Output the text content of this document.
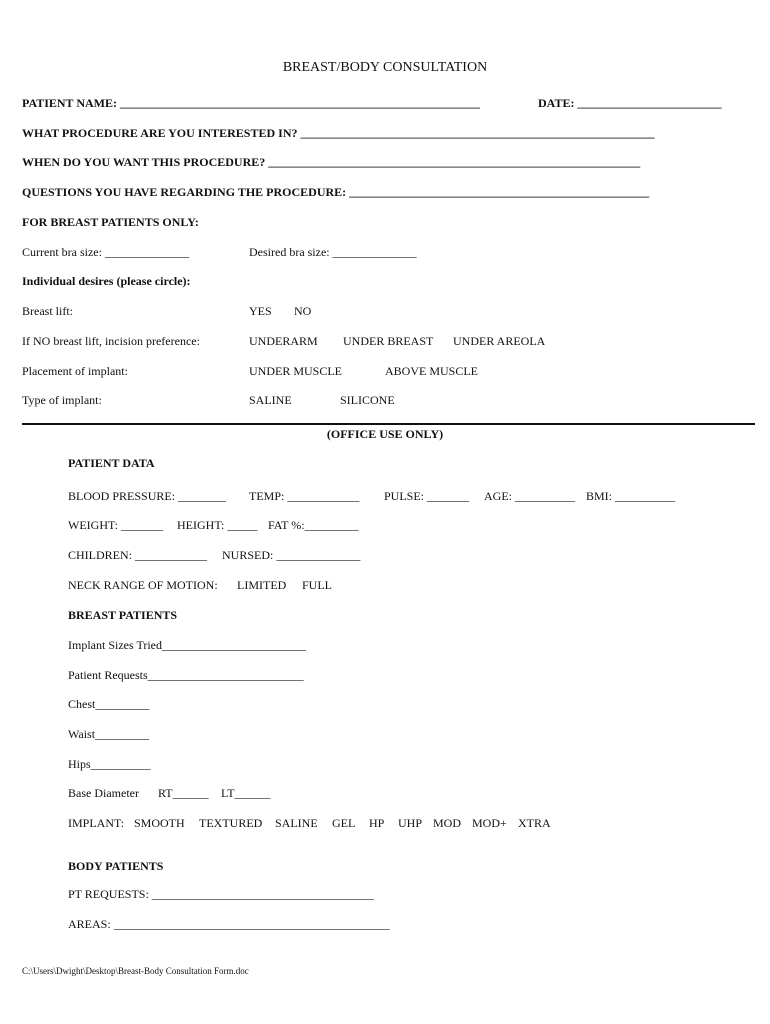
BREAST/BODY CONSULTATION
PATIENT NAME: ____________________________________________________________	DATE: ________________________
WHAT PROCEDURE ARE YOU INTERESTED IN? ___________________________________________________________
WHEN DO YOU WANT THIS PROCEDURE? ______________________________________________________________
QUESTIONS YOU HAVE REGARDING THE PROCEDURE: __________________________________________________
FOR BREAST PATIENTS ONLY:
Current bra size: ______________	Desired bra size: ______________
Individual desires (please circle):
Breast lift:	YES NO
If NO breast lift, incision preference:	UNDERARM UNDER BREAST UNDER AREOLA
Placement of implant:	UNDER MUSCLE	ABOVE MUSCLE
Type of implant:	SALINE	SILICONE
(OFFICE USE ONLY)
PATIENT DATA
BLOOD PRESSURE: ________ TEMP: ____________ PULSE: _______ AGE: __________ BMI: __________
WEIGHT: _______ HEIGHT: _____ FAT %:_________
CHILDREN: ____________ NURSED: ______________
NECK RANGE OF MOTION: LIMITED FULL
BREAST PATIENTS
Implant Sizes Tried________________________
Patient Requests__________________________
Chest_________
Waist_________
Hips__________
Base Diameter RT______ LT______
IMPLANT: SMOOTH TEXTURED SALINE GEL HP UHP MOD MOD+ XTRA
BODY PATIENTS
PT REQUESTS: _____________________________________
AREAS: ______________________________________________
C:\Users\Dwight\Desktop\Breast-Body Consultation Form.doc
